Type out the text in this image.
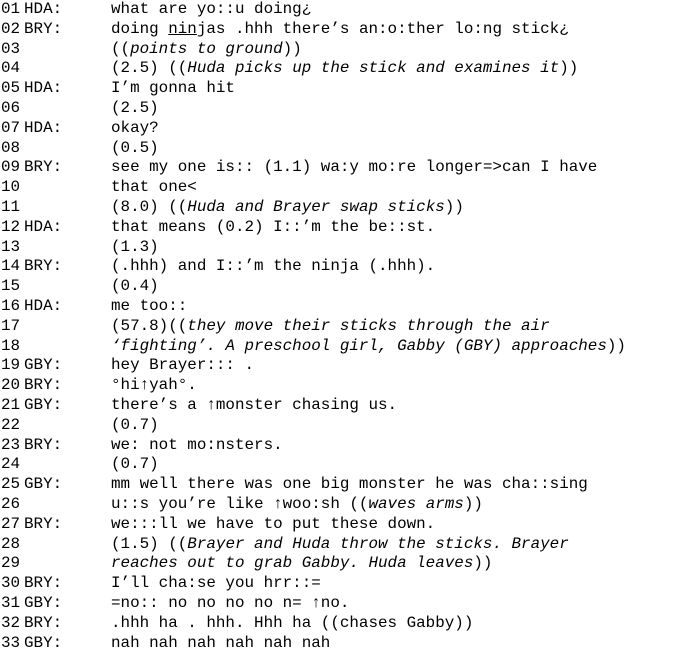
01 HDA:	what are yo::u doing¿
02 BRY:	doing ninjas .hhh there’s an:o:ther lo:ng stick¿
03	((points to ground))
04	(2.5) ((Huda picks up the stick and examines it))
05 HDA:	I’m gonna hit
06	(2.5)
07 HDA:	okay?
08	(0.5)
09 BRY:	see my one is:: (1.1) wa:y mo:re longer=>can I have
10	that one<
11	(8.0) ((Huda and Brayer swap sticks))
12 HDA:	that means (0.2) I::’m the be::st.
13	(1.3)
14 BRY:	(.hhh) and I::’m the ninja (.hhh).
15	(0.4)
16 HDA:	me too::
17	(57.8)((they move their sticks through the air
18	‘fighting’. A preschool girl, Gabby (GBY) approaches))
19 GBY:	hey Brayer::: .
20 BRY:	°hi↑yah°.
21 GBY:	there’s a ↑monster chasing us.
22	(0.7)
23 BRY:	we: not mo:nsters.
24	(0.7)
25 GBY:	mm well there was one big monster he was cha::sing
26	u::s you’re like ↑woo:sh ((waves arms))
27 BRY:	we:::ll we have to put these down.
28	(1.5) ((Brayer and Huda throw the sticks. Brayer
29	reaches out to grab Gabby. Huda leaves))
30 BRY:	I’ll cha:se you hrr::=
31 GBY:	=no:: no no no no n= ↑no.
32 BRY:	.hhh ha . hhh. Hhh ha ((chases Gabby))
33 GBY:	nah nah nah nah nah nah
